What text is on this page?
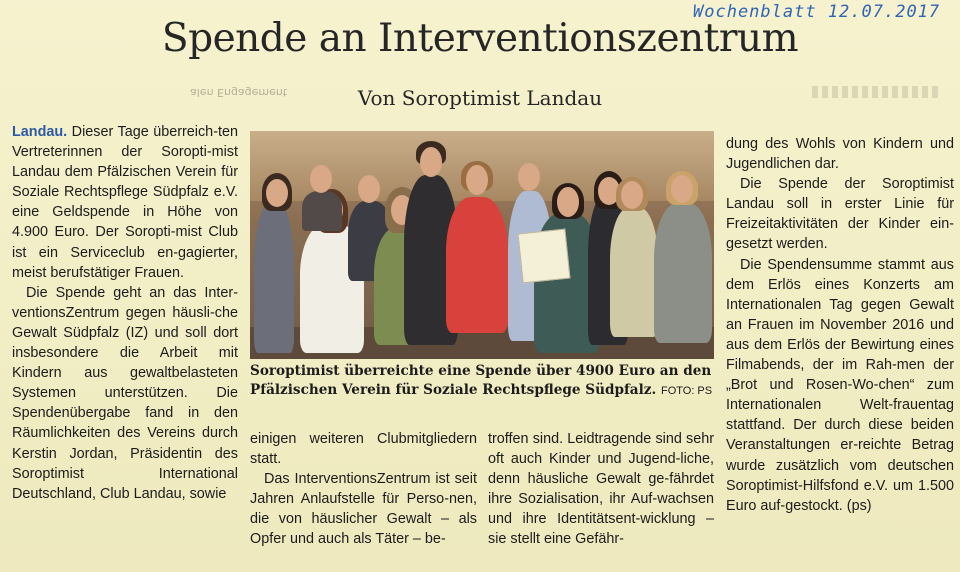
Wochenblatt 12.07.2017
Spende an Interventionszentrum
alen Engagement	Von Soroptimist Landau

Landau. Dieser Tage überreich-ten Vertreterinnen der Soropti-mist Landau dem Pfälzischen Verein für Soziale Rechtspflege Südpfalz e.V. eine Geldspende in Höhe von 4.900 Euro. Der Soropti-mist Club ist ein Serviceclub en-gagierter, meist berufstätiger Frauen.

Die Spende geht an das Inter-ventionsZentrum gegen häusli-che Gewalt Südpfalz (IZ) und soll dort insbesondere die Arbeit mit Kindern aus gewaltbelasteten Systemen unterstützen. Die Spendenübergabe fand in den Räumlichkeiten des Vereins durch Kerstin Jordan, Präsidentin des Soroptimist International Deutschland, Club Landau, sowie

Soroptimist überreichte eine Spende über 4900 Euro an den Pfälzischen Verein für Soziale Rechtspflege Südpfalz. FOTO: PS

einigen weiteren Clubmitgliedern statt.

Das InterventionsZentrum ist seit Jahren Anlaufstelle für Perso-nen, die von häuslicher Gewalt – als Opfer und auch als Täter – be-

troffen sind. Leidtragende sind sehr oft auch Kinder und Jugend-liche, denn häusliche Gewalt ge-fährdet ihre Sozialisation, ihr Auf-wachsen und ihre Identitätsent-wicklung – sie stellt eine Gefähr-

dung des Wohls von Kindern und Jugendlichen dar.

Die Spende der Soroptimist Landau soll in erster Linie für Freizeitaktivitäten der Kinder ein-gesetzt werden.

Die Spendensumme stammt aus dem Erlös eines Konzerts am Internationalen Tag gegen Gewalt an Frauen im November 2016 und aus dem Erlös der Bewirtung eines Filmabends, der im Rah-men der „Brot und Rosen-Wo-chen“ zum Internationalen Welt-frauentag stattfand. Der durch diese beiden Veranstaltungen er-reichte Betrag wurde zusätzlich vom deutschen Soroptimist-Hilfsfond e.V. um 1.500 Euro auf-gestockt. (ps)
